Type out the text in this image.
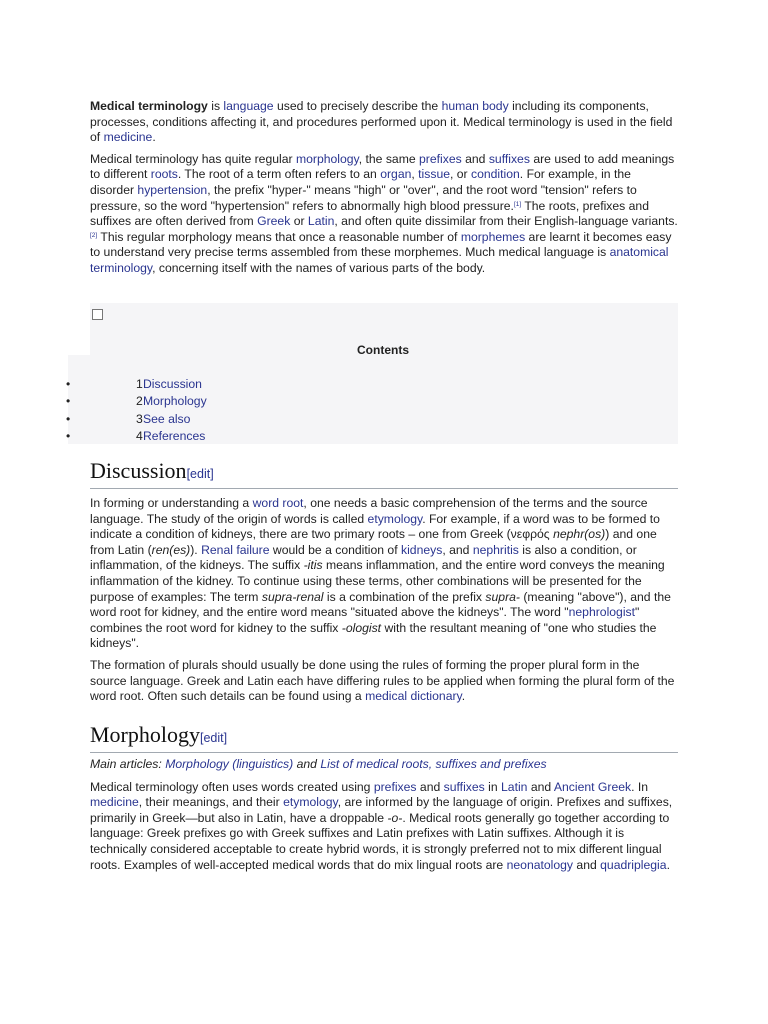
Medical terminology is language used to precisely describe the human body including its components, processes, conditions affecting it, and procedures performed upon it. Medical terminology is used in the field of medicine.

Medical terminology has quite regular morphology, the same prefixes and suffixes are used to add meanings to different roots. The root of a term often refers to an organ, tissue, or condition. For example, in the disorder hypertension, the prefix "hyper-" means "high" or "over", and the root word "tension" refers to pressure, so the word "hypertension" refers to abnormally high blood pressure.[1] The roots, prefixes and suffixes are often derived from Greek or Latin, and often quite dissimilar from their English-language variants.[2] This regular morphology means that once a reasonable number of morphemes are learnt it becomes easy to understand very precise terms assembled from these morphemes. Much medical language is anatomical terminology, concerning itself with the names of various parts of the body.

Contents
•	1 Discussion
•	2 Morphology
•	3 See also
•	4 References
Discussion[edit]

In forming or understanding a word root, one needs a basic comprehension of the terms and the source language. The study of the origin of words is called etymology. For example, if a word was to be formed to indicate a condition of kidneys, there are two primary roots – one from Greek (νεφρός nephr(os)) and one from Latin (ren(es)). Renal failure would be a condition of kidneys, and nephritis is also a condition, or inflammation, of the kidneys. The suffix -itis means inflammation, and the entire word conveys the meaning inflammation of the kidney. To continue using these terms, other combinations will be presented for the purpose of examples: The term supra-renal is a combination of the prefix supra- (meaning "above"), and the word root for kidney, and the entire word means "situated above the kidneys". The word "nephrologist" combines the root word for kidney to the suffix -ologist with the resultant meaning of "one who studies the kidneys".

The formation of plurals should usually be done using the rules of forming the proper plural form in the source language. Greek and Latin each have differing rules to be applied when forming the plural form of the word root. Often such details can be found using a medical dictionary.

Morphology[edit]
Main articles: Morphology (linguistics) and List of medical roots, suffixes and prefixes

Medical terminology often uses words created using prefixes and suffixes in Latin and Ancient Greek. In medicine, their meanings, and their etymology, are informed by the language of origin. Prefixes and suffixes, primarily in Greek—but also in Latin, have a droppable -o-. Medical roots generally go together according to language: Greek prefixes go with Greek suffixes and Latin prefixes with Latin suffixes. Although it is technically considered acceptable to create hybrid words, it is strongly preferred not to mix different lingual roots. Examples of well-accepted medical words that do mix lingual roots are neonatology and quadriplegia.
